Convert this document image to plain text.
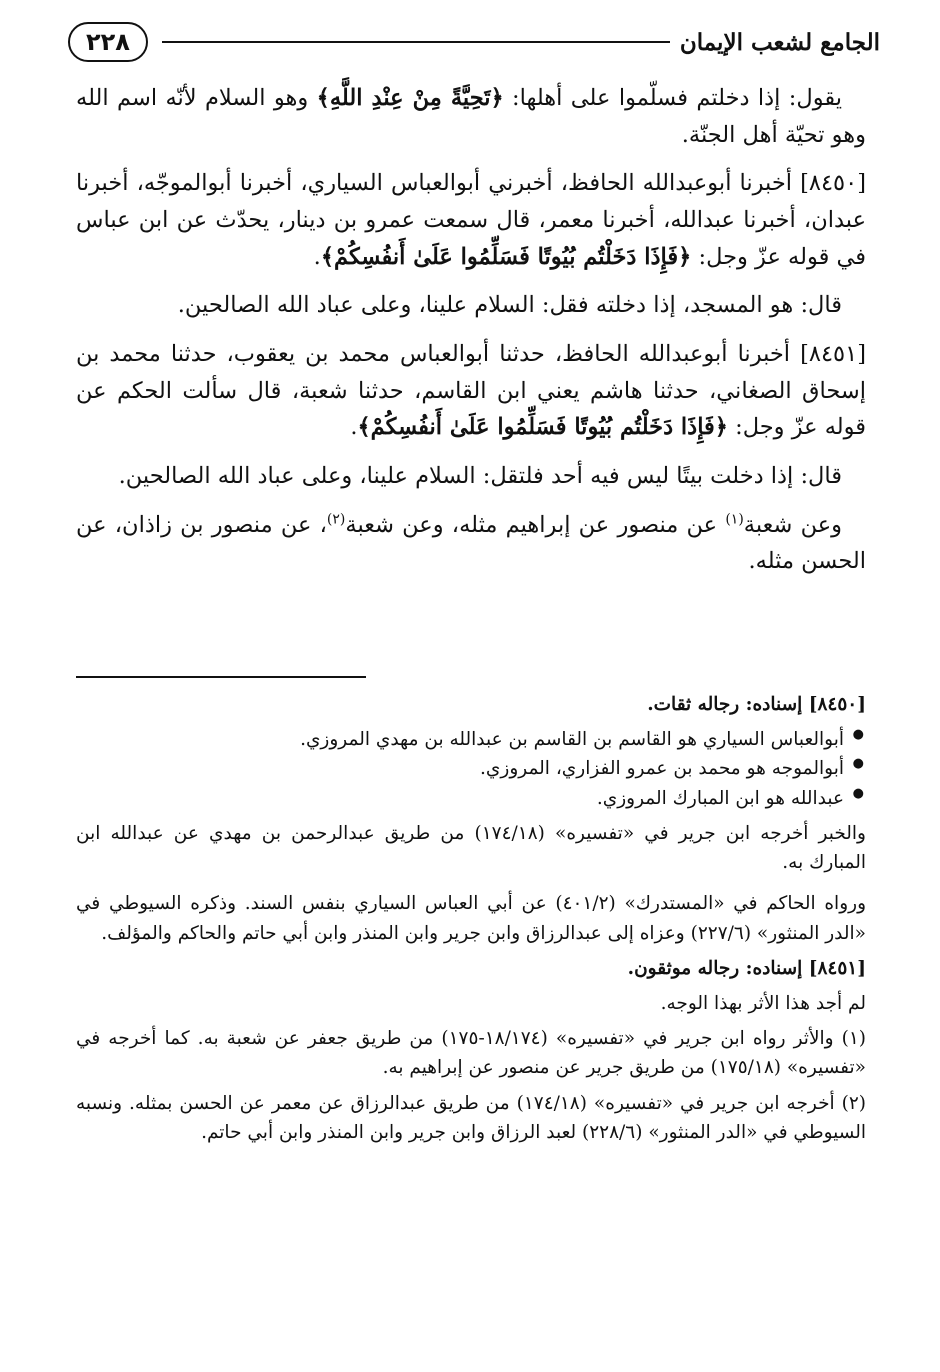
الجامع لشعب الإيمان
٢٢٨

يقول: إذا دخلتم فسلّموا على أهلها: ﴿تَحِيَّةً مِنْ عِنْدِ اللَّهِ﴾ وهو السلام لأنّه اسم الله وهو تحيّة أهل الجنّة.

[٨٤٥٠] أخبرنا أبوعبدالله الحافظ، أخبرني أبوالعباس السياري، أخبرنا أبوالموجّه، أخبرنا عبدان، أخبرنا عبدالله، أخبرنا معمر، قال سمعت عمرو بن دينار، يحدّث عن ابن عباس في قوله عزّ وجل: ﴿فَإِذَا دَخَلْتُم بُيُوتًا فَسَلِّمُوا عَلَىٰ أَنفُسِكُمْ﴾.

قال: هو المسجد، إذا دخلته فقل: السلام علينا، وعلى عباد الله الصالحين.

[٨٤٥١] أخبرنا أبوعبدالله الحافظ، حدثنا أبوالعباس محمد بن يعقوب، حدثنا محمد بن إسحاق الصغاني، حدثنا هاشم يعني ابن القاسم، حدثنا شعبة، قال سألت الحكم عن قوله عزّ وجل: ﴿فَإِذَا دَخَلْتُم بُيُوتًا فَسَلِّمُوا عَلَىٰ أَنفُسِكُمْ﴾.

قال: إذا دخلت بيتًا ليس فيه أحد فلتقل: السلام علينا، وعلى عباد الله الصالحين.

وعن شعبة$^{(١)}$ عن منصور عن إبراهيم مثله، وعن شعبة$^{(٢)}$، عن منصور بن زاذان، عن الحسن مثله.

[٨٤٥٠] إسناده: رجاله ثقات.

● أبوالعباس السياري هو القاسم بن القاسم بن عبدالله بن مهدي المروزي.
● أبوالموجه هو محمد بن عمرو الفزاري، المروزي.
● عبدالله هو ابن المبارك المروزي.

والخبر أخرجه ابن جرير في «تفسيره» (١٧٤/١٨) من طريق عبدالرحمن بن مهدي عن عبدالله ابن المبارك به.

ورواه الحاكم في «المستدرك» (٤٠١/٢) عن أبي العباس السياري بنفس السند. وذكره السيوطي في «الدر المنثور» (٢٢٧/٦) وعزاه إلى عبدالرزاق وابن جرير وابن المنذر وابن أبي حاتم والحاكم والمؤلف.

[٨٤٥١] إسناده: رجاله موثقون.

لم أجد هذا الأثر بهذا الوجه.

(١) والأثر رواه ابن جرير في «تفسيره» (١٨/١٧٤-١٧٥) من طريق جعفر عن شعبة به. كما أخرجه في «تفسيره» (١٧٥/١٨) من طريق جرير عن منصور عن إبراهيم به.

(٢) أخرجه ابن جرير في «تفسيره» (١٧٤/١٨) من طريق عبدالرزاق عن معمر عن الحسن بمثله. ونسبه السيوطي في «الدر المنثور» (٢٢٨/٦) لعبد الرزاق وابن جرير وابن المنذر وابن أبي حاتم.
